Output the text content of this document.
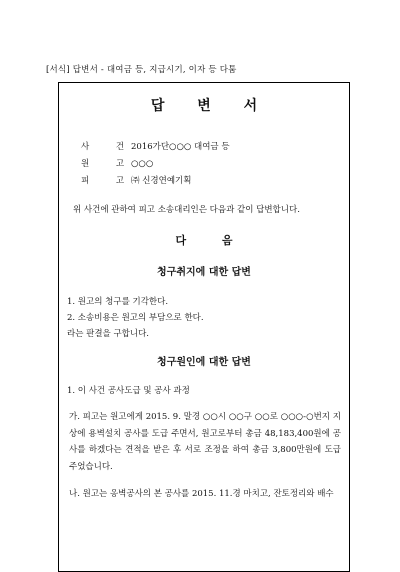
[서식] 답변서 - 대여금 등, 지급시기, 이자 등 다툼
답 변 서
사 건2016가단○○○ 대여금 등
원 고○○○
피 고㈜ 신경연예기획
위 사건에 관하여 피고 소송대리인은 다음과 같이 답변합니다.
다 음
청구취지에 대한 답변
1. 원고의 청구를 기각한다.
2. 소송비용은 원고의 부담으로 한다.
라는 판결을 구합니다.
청구원인에 대한 답변
1. 이 사건 공사도급 및 공사 과정
가. 피고는 원고에게 2015. 9. 말경 ○○시 ○○구 ○○로 ○○○-○번지 지상에 용벽설치 공사를 도급 주면서, 원고로부터 총금 48,183,400원에 공사를 하겠다는 견적을 받은 후 서로 조정을 하여 총금 3,800만원에 도급 주었습니다.
나. 원고는 옹벽공사의 본 공사를 2015. 11.경 마치고, 잔토정리와 배수
